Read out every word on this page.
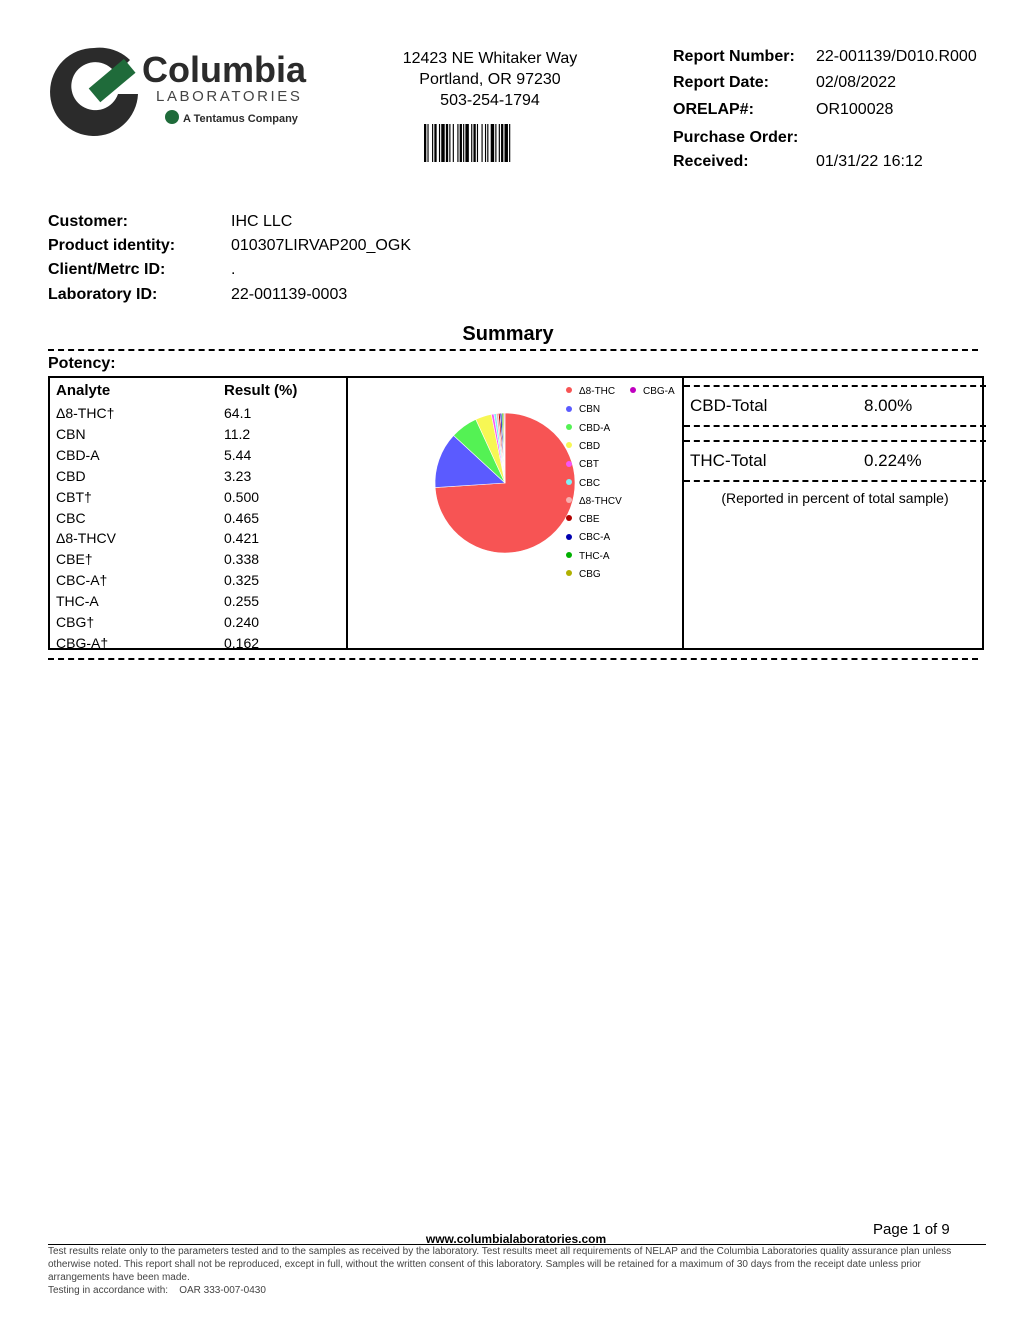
Columbia
LABORATORIES
A Tentamus Company
12423 NE Whitaker Way
Portland, OR 97230
503-254-1794
Report Number: 22-001139/D010.R000
Report Date:	02/08/2022
ORELAP#:	OR100028
Purchase Order:
Received:	01/31/22 16:12
Customer:	IHC LLC
Product identity:	010307LIRVAP200_OGK
Client/Metrc ID:	.
Laboratory ID:	22-001139-0003
Summary
Potency:
Analyte	Result (%)
Δ8-THC†	64.1
CBN	11.2
CBD-A	5.44
CBD	3.23
CBT†	0.500
CBC	0.465
Δ8-THCV	0.421
CBE†	0.338
CBC-A†	0.325
THC-A	0.255
CBG†	0.240
CBG-A†	0.162
Δ8-THC
CBN
CBD-A
CBD
CBT
CBC
Δ8-THCV
CBE
CBC-A
THC-A
CBG
CBG-A
CBD-Total	8.00%
THC-Total	0.224%
(Reported in percent of total sample)
Page 1 of 9
www.columbialaboratories.com
Test results relate only to the parameters tested and to the samples as received by the laboratory. Test results meet all requirements of NELAP and the Columbia Laboratories quality assurance plan unless otherwise noted. This report shall not be reproduced, except in full, without the written consent of this laboratory. Samples will be retained for a maximum of 30 days from the receipt date unless prior arrangements have been made.
Testing in accordance with: OAR 333-007-0430
